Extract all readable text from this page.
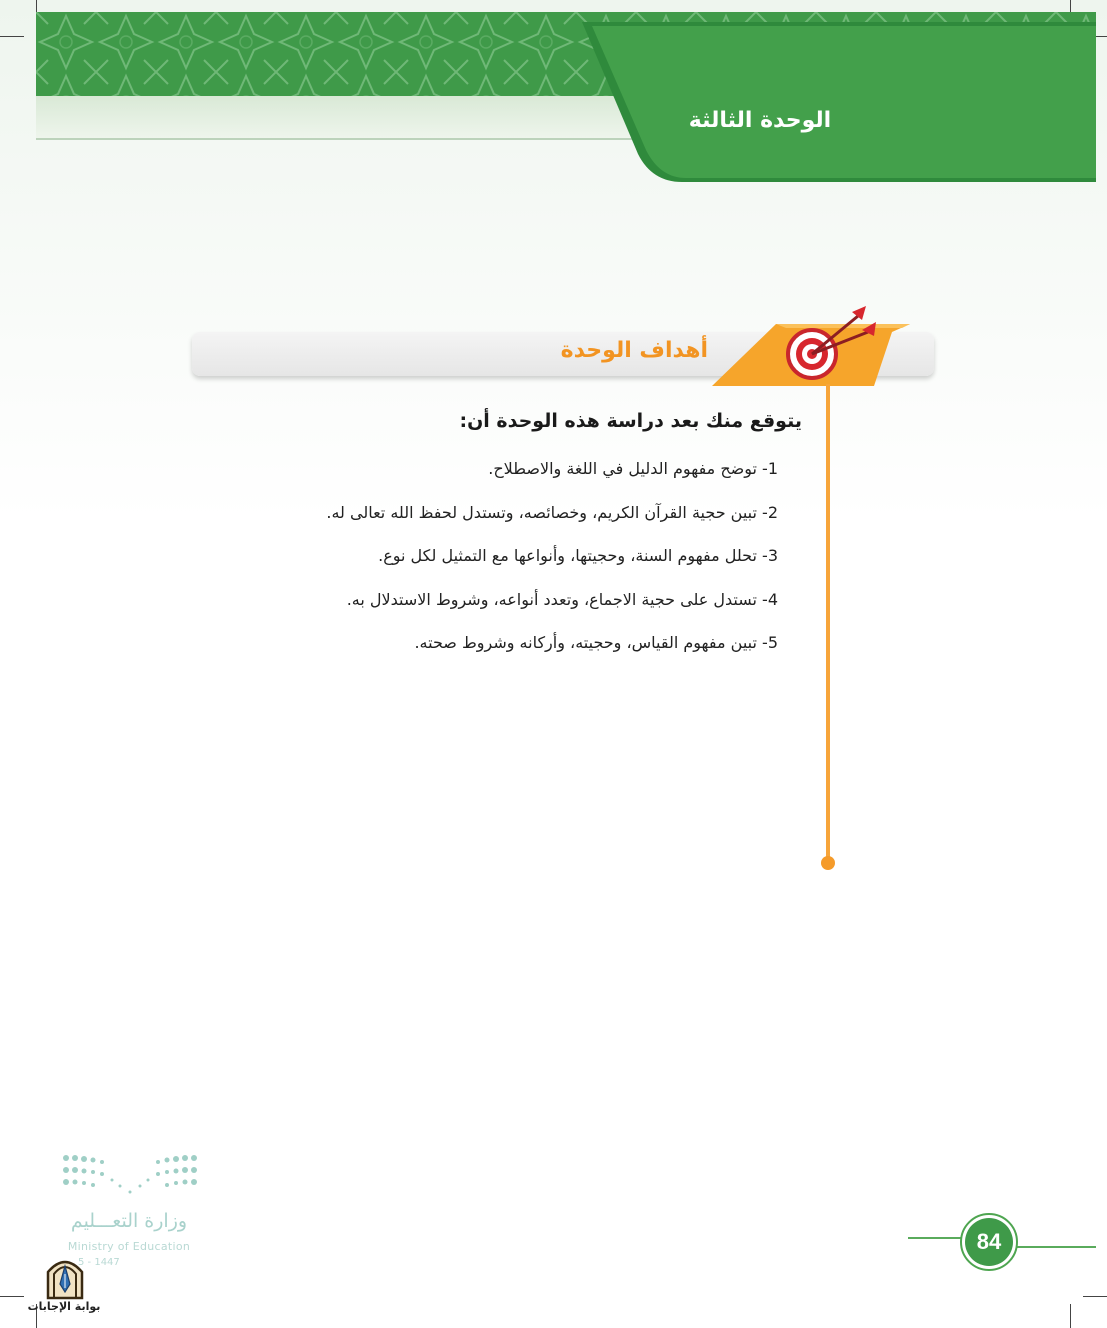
الوحدة الثالثة
أهداف الوحدة
يتوقع منك بعد دراسة هذه الوحدة أن:
1- توضح مفهوم الدليل في اللغة والاصطلاح.
2- تبين حجية القرآن الكريم، وخصائصه، وتستدل لحفظ الله تعالى له.
3- تحلل مفهوم السنة، وحجيتها، وأنواعها مع التمثيل لكل نوع.
4- تستدل على حجية الاجماع، وتعدد أنواعه، وشروط الاستدلال به.
5- تبين مفهوم القياس، وحجيته، وأركانه وشروط صحته.
وزارة التعـــليم
Ministry of Education
5 - 1447
بوابة الإجابات
84
